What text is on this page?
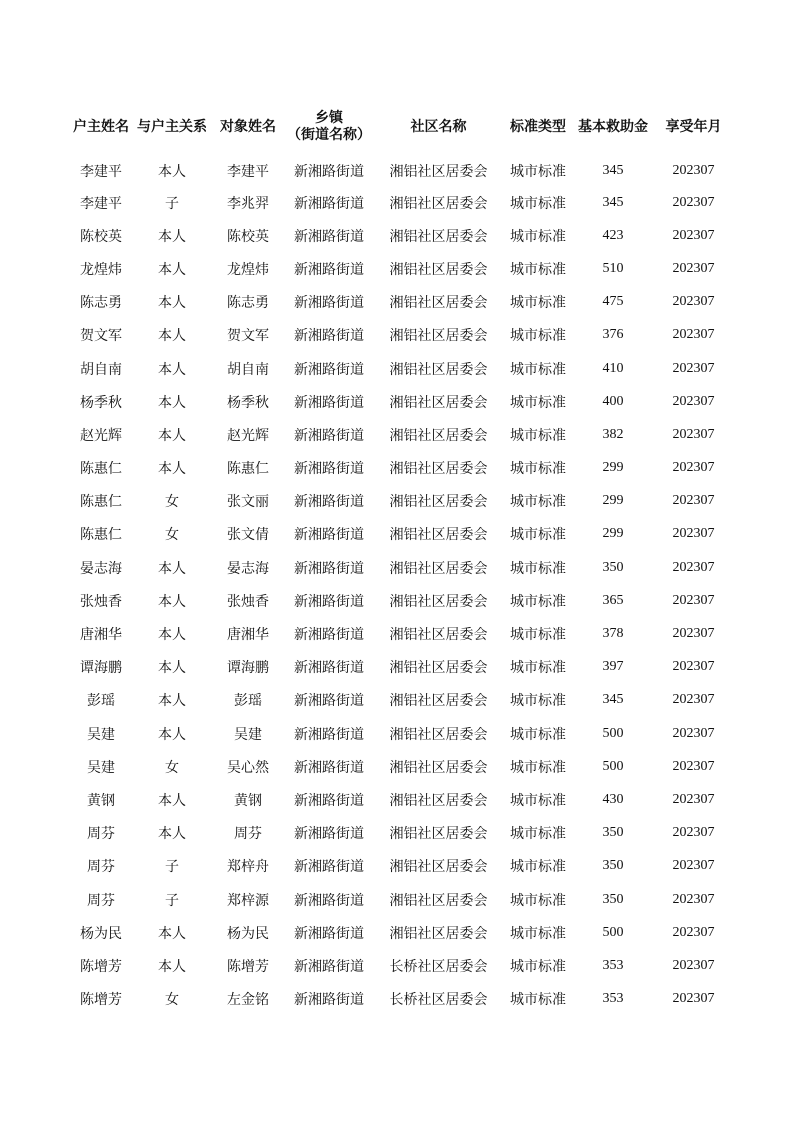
户主姓名	与户主关系	对象姓名	乡镇（街道名称）	社区名称	标准类型	基本救助金	享受年月
李建平	本人	李建平	新湘路街道	湘铝社区居委会	城市标准	345	202307
李建平	子	李兆羿	新湘路街道	湘铝社区居委会	城市标准	345	202307
陈校英	本人	陈校英	新湘路街道	湘铝社区居委会	城市标准	423	202307
龙煌炜	本人	龙煌炜	新湘路街道	湘铝社区居委会	城市标准	510	202307
陈志勇	本人	陈志勇	新湘路街道	湘铝社区居委会	城市标准	475	202307
贺文军	本人	贺文军	新湘路街道	湘铝社区居委会	城市标准	376	202307
胡自南	本人	胡自南	新湘路街道	湘铝社区居委会	城市标准	410	202307
杨季秋	本人	杨季秋	新湘路街道	湘铝社区居委会	城市标准	400	202307
赵光辉	本人	赵光辉	新湘路街道	湘铝社区居委会	城市标准	382	202307
陈惠仁	本人	陈惠仁	新湘路街道	湘铝社区居委会	城市标准	299	202307
陈惠仁	女	张文丽	新湘路街道	湘铝社区居委会	城市标准	299	202307
陈惠仁	女	张文倩	新湘路街道	湘铝社区居委会	城市标准	299	202307
晏志海	本人	晏志海	新湘路街道	湘铝社区居委会	城市标准	350	202307
张烛香	本人	张烛香	新湘路街道	湘铝社区居委会	城市标准	365	202307
唐湘华	本人	唐湘华	新湘路街道	湘铝社区居委会	城市标准	378	202307
谭海鹏	本人	谭海鹏	新湘路街道	湘铝社区居委会	城市标准	397	202307
彭瑶	本人	彭瑶	新湘路街道	湘铝社区居委会	城市标准	345	202307
吴建	本人	吴建	新湘路街道	湘铝社区居委会	城市标准	500	202307
吴建	女	吴心然	新湘路街道	湘铝社区居委会	城市标准	500	202307
黄钢	本人	黄钢	新湘路街道	湘铝社区居委会	城市标准	430	202307
周芬	本人	周芬	新湘路街道	湘铝社区居委会	城市标准	350	202307
周芬	子	郑梓舟	新湘路街道	湘铝社区居委会	城市标准	350	202307
周芬	子	郑梓源	新湘路街道	湘铝社区居委会	城市标准	350	202307
杨为民	本人	杨为民	新湘路街道	湘铝社区居委会	城市标准	500	202307
陈增芳	本人	陈增芳	新湘路街道	长桥社区居委会	城市标准	353	202307
陈增芳	女	左金铭	新湘路街道	长桥社区居委会	城市标准	353	202307
